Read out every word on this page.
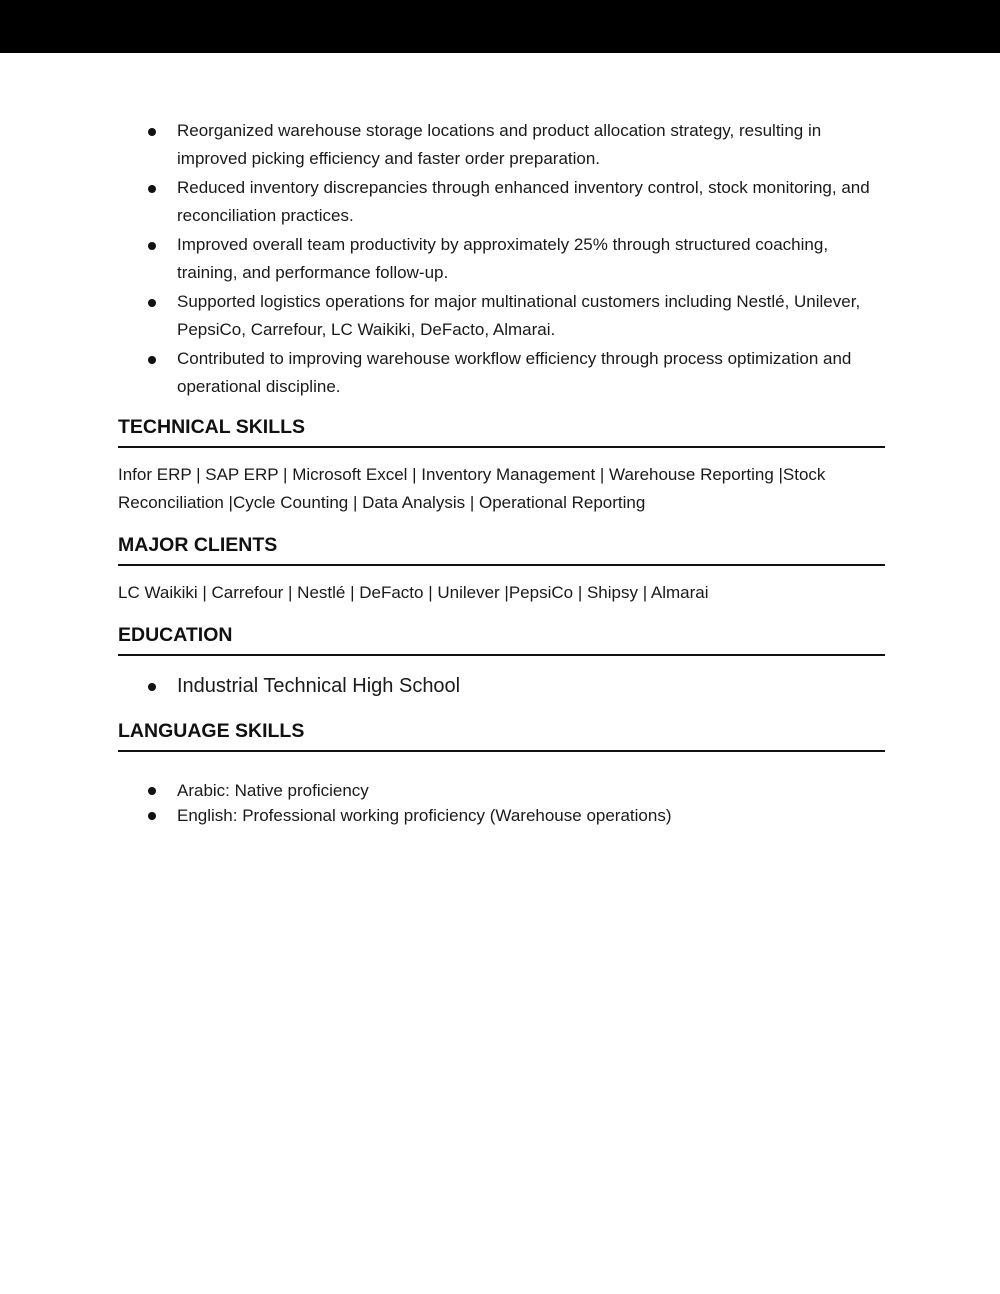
Reorganized warehouse storage locations and product allocation strategy, resulting in improved picking efficiency and faster order preparation.
Reduced inventory discrepancies through enhanced inventory control, stock monitoring, and reconciliation practices.
Improved overall team productivity by approximately 25% through structured coaching, training, and performance follow-up.
Supported logistics operations for major multinational customers including Nestlé, Unilever, PepsiCo, Carrefour, LC Waikiki, DeFacto, Almarai.
Contributed to improving warehouse workflow efficiency through process optimization and operational discipline.
TECHNICAL SKILLS
Infor ERP | SAP ERP | Microsoft Excel | Inventory Management | Warehouse Reporting |Stock Reconciliation |Cycle Counting | Data Analysis | Operational Reporting
MAJOR CLIENTS
LC Waikiki | Carrefour | Nestlé | DeFacto | Unilever |PepsiCo | Shipsy | Almarai
EDUCATION
Industrial Technical High School
LANGUAGE SKILLS
Arabic: Native proficiency
English: Professional working proficiency (Warehouse operations)
